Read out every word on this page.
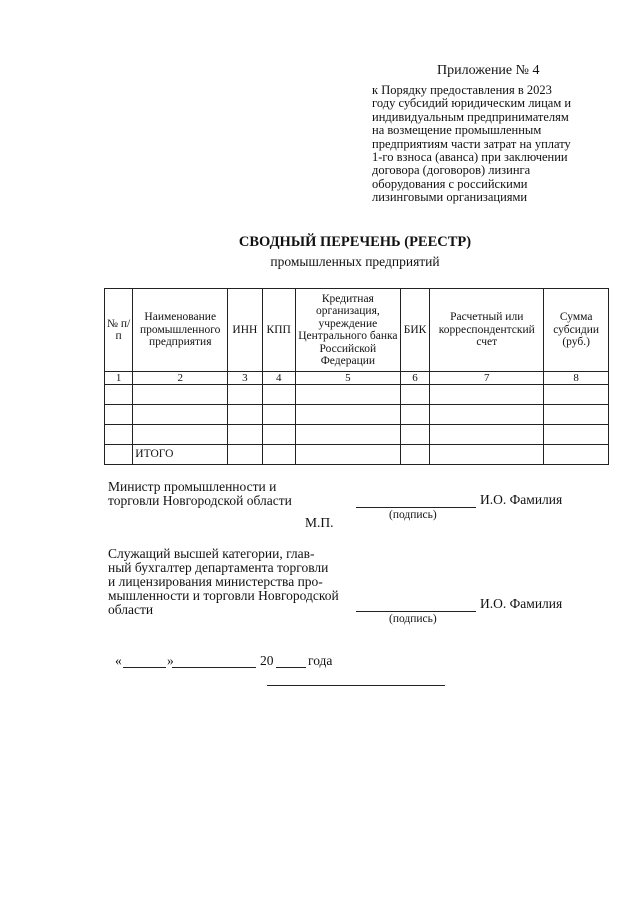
Приложение № 4
к Порядку предоставления в 2023
году субсидий юридическим лицам и
индивидуальным предпринимателям
на возмещение промышленным
предприятиям части затрат на уплату
1-го взноса (аванса) при заключении
договора (договоров) лизинга
оборудования с российскими
лизинговыми организациями
СВОДНЫЙ ПЕРЕЧЕНЬ (РЕЕСТР)
промышленных предприятий
№ п/п	Наименование промышленного предприятия	ИНН	КПП	Кредитная организация, учреждение Центрального банка Российской Федерации	БИК	Расчетный или корреспондентский счет	Сумма субсидии (руб.)
1	2	3	4	5	6	7	8

	ИТОГО						
Министр промышленности и
торговли Новгородской области	И.О. Фамилия
(подпись)
М.П.
Служащий высшей категории, глав-
ный бухгалтер департамента торговли
и лицензирования министерства про-
мышленности и торговли Новгородской
области	И.О. Фамилия
(подпись)
«	»	20	года
